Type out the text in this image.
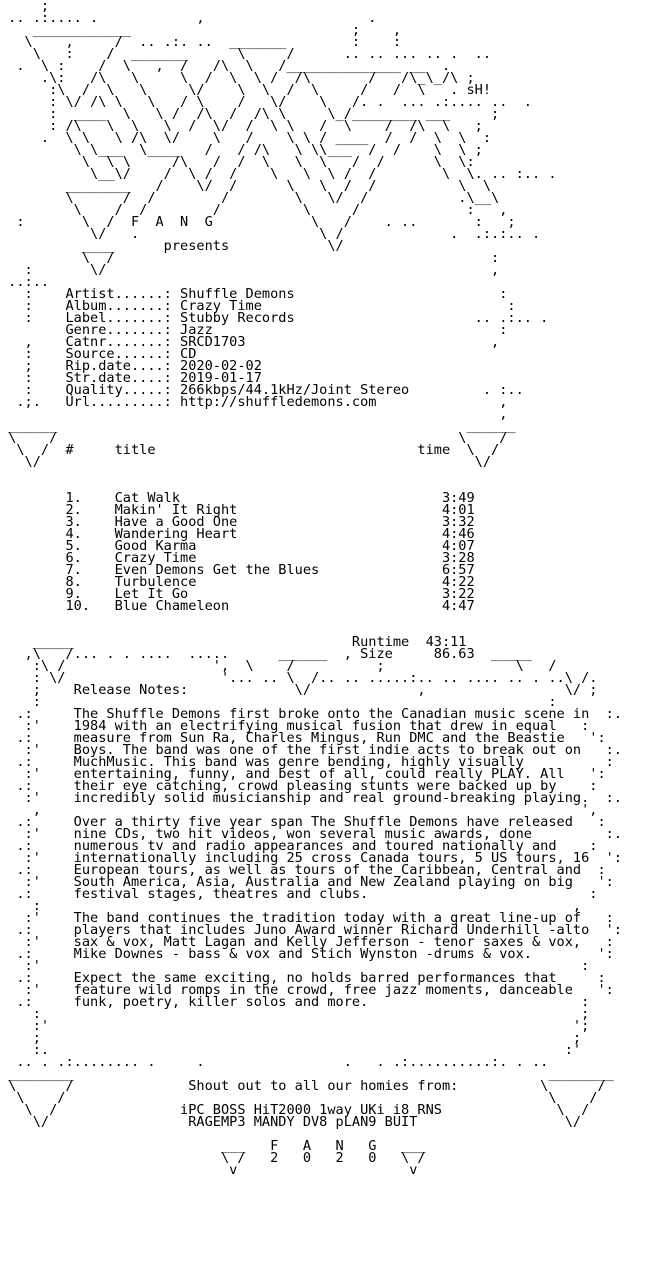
;
.. .:.... .            ,                    .
____________                           ;    ,
\    ,     /  .. .:. ..  _______        :    :
\   :    /  _______      \     /      .. .. ... .. .  ..
.  \ :    /  \   ,  /   /\  \   /______________ __  .
.\:   /\   \     \  /  \  \ /  /\       /   /\_\_/\ ;
:\  /  \   \     \/    \  \  /  \     /   /  \   . sH!
: \/ /\ \   \   / \    /   \/    \   /. .  ... .:.... ..  .
:  ____  \   \ /  /\  /  /\ \     \_/________ ___     ;
: /\   \  \   \  /  \/  /  \ \   /  \    /  /\  \   ;
.  \ \   \ /\  \/    \   /    \ \ / ____  /  /  \  \  :
\ \___  \____   /   / /\   \ \\___  /  /    \  \ ;
\  \ \     /\   /  /  \   \  \   /  /      \  \:
\__\/    /  \ /  /    \   \  \ /  /        \  \. .. :.. .
________   /    \/  /      \   \  /  /          \  \
\      /  /        /        \   \/  /           .\__\
\    /  /        /          \     /             :   ,
:       \  /  F  A  N  G            \   /    . ..       :   ;
\/   .                      \ /             .  .:.:.. .
____      presents            \/
\  /                                              :
:       \/                                               ,
..:..
:    Artist......: Shuffle Demons                         :
:    Album.......: Crazy Time                              :
:    Label.......: Stubby Records                      .. .:.. .
Genre.......: Jazz                                   :
,    Catnr.......: SRCD1703                              ,
:    Source......: CD
;    Rip.date....: 2020-02-02
:    Str.date....: 2019-01-17
:    Quality.....: 266kbps/44.1kHz/Joint Stereo         . :..
.;.   Url.........: http://shuffledemons.com               ,
,
______                                                  ______
\    /                                                 \    /
\  /  #     title                                time  \  /
\/                                                     \/

1.    Cat Walk                                3:49
2.    Makin' It Right                         4:01
3.    Have a Good One                         3:32
4.    Wandering Heart                         4:46
5.    Good Karma                              4:07
6.    Crazy Time                              3:28
7.    Even Demons Get the Blues               6:57
8.    Turbulence                              4:22
9.    Let It Go                               3:22
10.   Blue Chameleon                          4:47

_____                                  Runtime  43:11
,\   /... . . ....  .....      ______  , Size     86.63  _____
:\ /                  ',  \    /          ;                \   /
: \/                   '... .. \  /.. .. .....:.. .. .... .. . ..\ /.
;    Release Notes:             \/             ,                 \/ ;
:                                                              :
.:     The Shuffle Demons first broke onto the Canadian music scene in  :.
:'    1984 with an electrifying musical fusion that drew in equal   :
.:     measure from Sun Ra, Charles Mingus, Run DMC and the Beastie   ':
:'    Boys. The band was one of the first indie acts to break out on   :.
.:     MuchMusic. This band was genre bending, highly visually          :
:'    entertaining, funny, and best of all, could really PLAY. All   ':
.:     their eye catching, crowd pleasing stunts were backed up by    :
:'    incredibly solid musicianship and real ground-breaking playing.  :.
,                                                                  ',
.:     Over a thirty five year span The Shuffle Demons have released   :
:'    nine CDs, two hit videos, won several music awards, done         :.
.:     numerous tv and radio appearances and toured nationally and    :
:'    internationally including 25 cross Canada tours, 5 US tours, 16  ':
.:     European tours, as well as tours of the Caribbean, Central and  :
:'    South America, Asia, Australia and New Zealand playing on big   ':
.:     festival stages, theatres and clubs.                           :
:                                                                 ,
:'    The band continues the tradition today with a great line-up of   :
.:     players that includes Juno Award winner Richard Underhill -alto  ':
:'    sax & vox, Matt Lagan and Kelly Jefferson - tenor saxes & vox,   :
.:     Mike Downes - bass & vox and Stich Wynston -drums & vox.        ':
:'                                                                  :
.:     Expect the same exciting, no holds barred performances that     :
:'    feature wild romps in the crowd, free jazz moments, danceable   ':
.:     funk, poetry, killer solos and more.                          :
:                                                                  ;
:'                                                                ';
;                                                                 ;
:.                                                               :'
.. . .:........ .     .                 .   . .:..........:. . ..
________                                                          ________
\      /              Shout out to all our homies from:          \      /
\    /                                                           \    /
\  /               iPC BOSS HiT2000 1way UKi i8 RNS              \  /
\/                 RAGEMP3 MANDY DV8 pLAN9 BUIT                  \/

___   F   A   N   G   ___
\ /   2   0   2   0   \ /
v                     v
